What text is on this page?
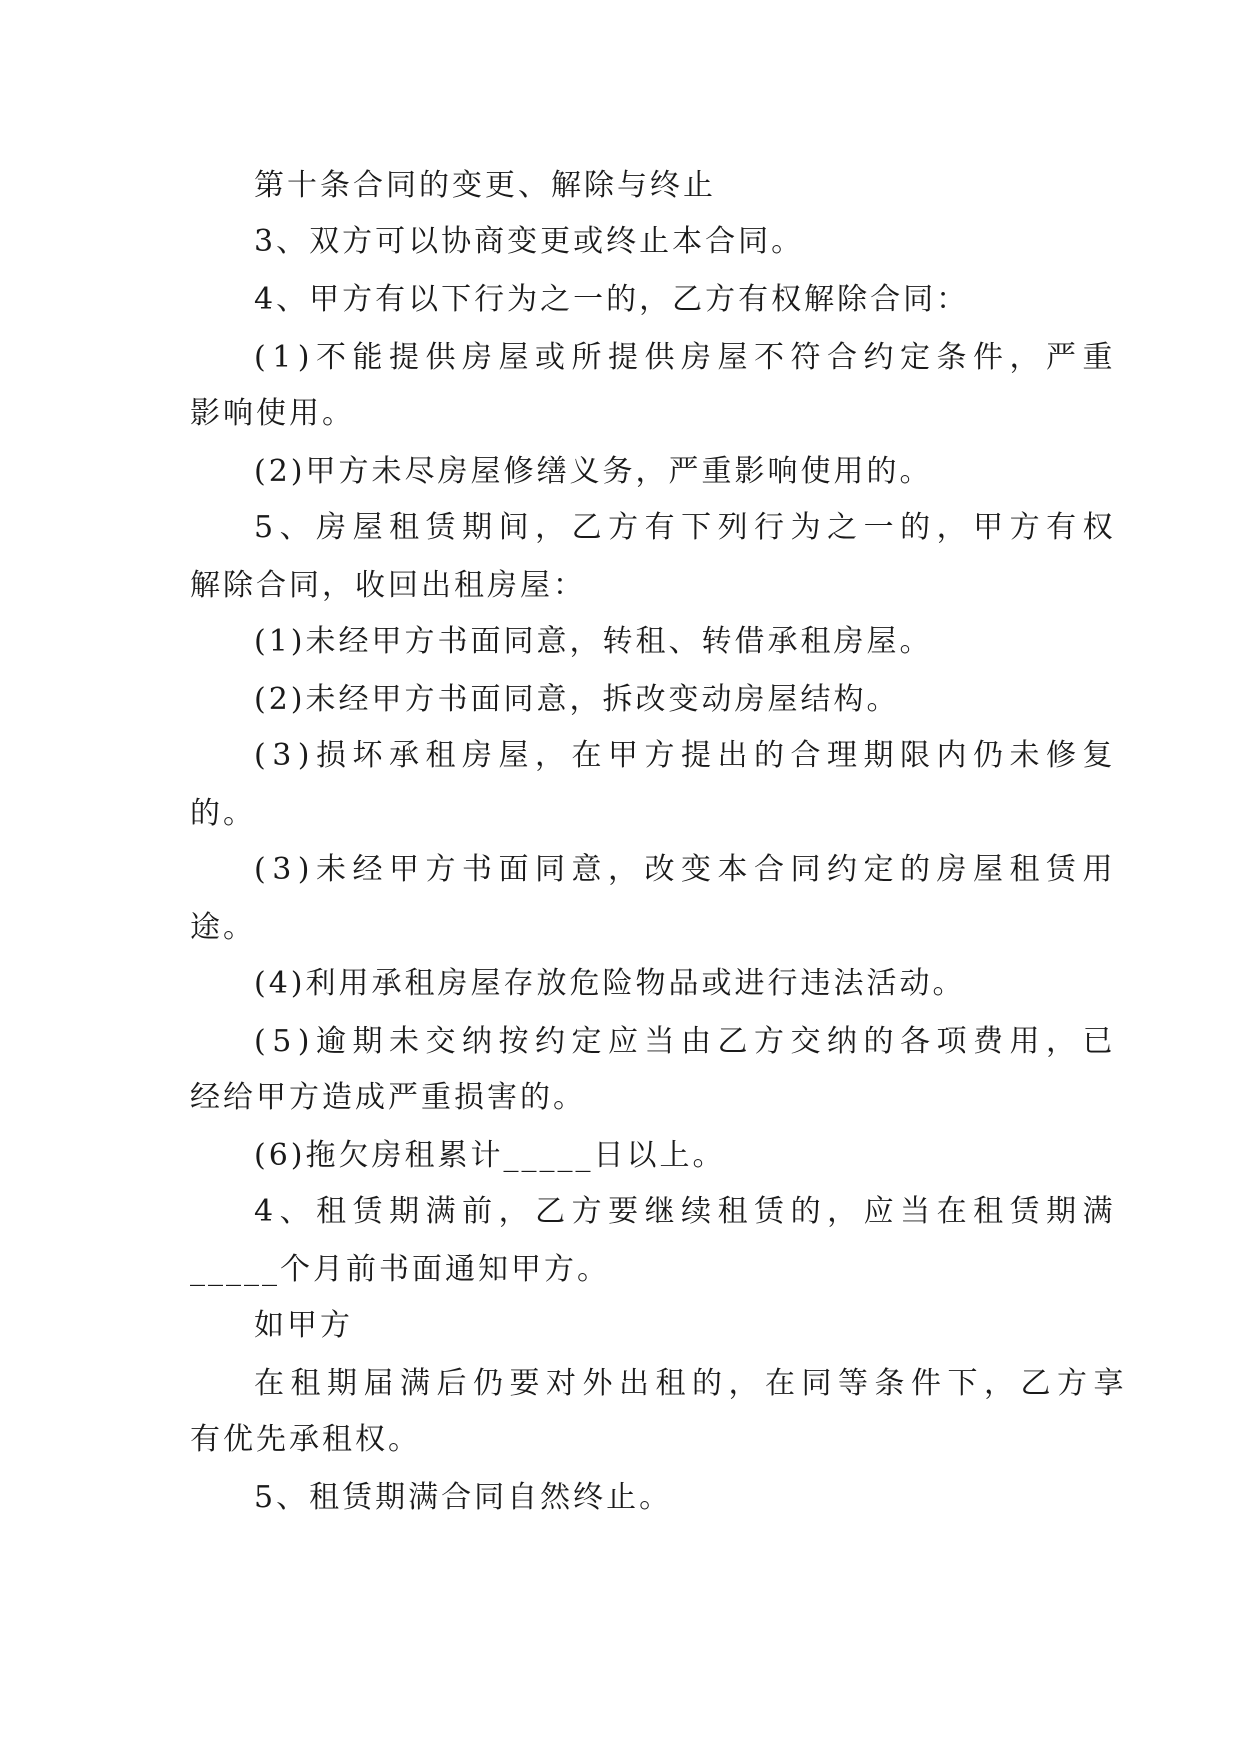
第十条合同的变更、解除与终止
3、双方可以协商变更或终止本合同。
4、甲方有以下行为之一的，乙方有权解除合同：
(1)不能提供房屋或所提供房屋不符合约定条件，严重
影响使用。
(2)甲方未尽房屋修缮义务，严重影响使用的。
5、房屋租赁期间，乙方有下列行为之一的，甲方有权
解除合同，收回出租房屋：
(1)未经甲方书面同意，转租、转借承租房屋。
(2)未经甲方书面同意，拆改变动房屋结构。
(3)损坏承租房屋，在甲方提出的合理期限内仍未修复
的。
(3)未经甲方书面同意，改变本合同约定的房屋租赁用
途。
(4)利用承租房屋存放危险物品或进行违法活动。
(5)逾期未交纳按约定应当由乙方交纳的各项费用，已
经给甲方造成严重损害的。
(6)拖欠房租累计_____日以上。
4、租赁期满前，乙方要继续租赁的，应当在租赁期满
_____个月前书面通知甲方。
如甲方
在租期届满后仍要对外出租的，在同等条件下，乙方享
有优先承租权。
5、租赁期满合同自然终止。
